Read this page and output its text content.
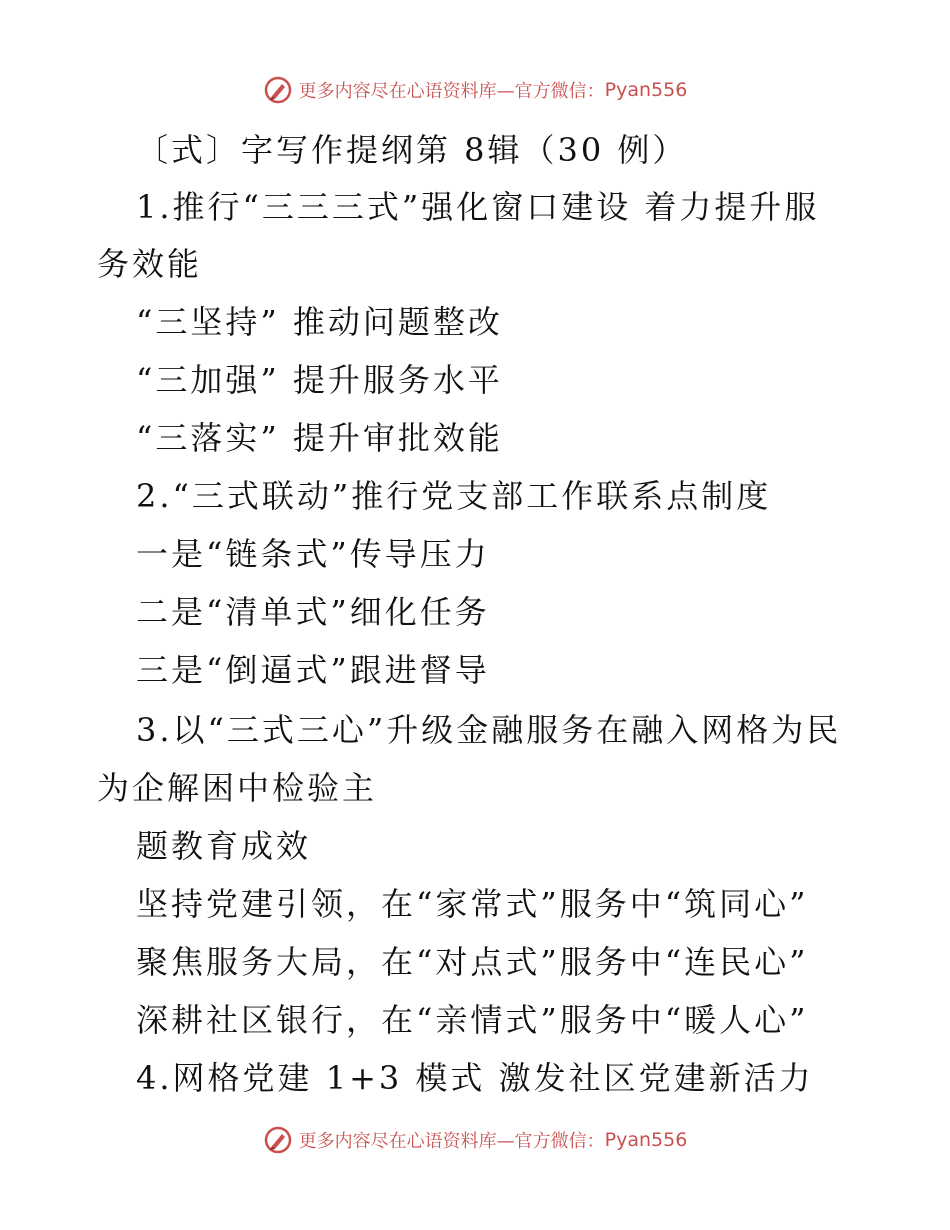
更多内容尽在心语资料库—官方微信： Pyan556
〔式〕字写作提纲第 8辑（30 例）
1.推行“三三三式”强化窗口建设 着力提升服
务效能
“三坚持” 推动问题整改
“三加强” 提升服务水平
“三落实” 提升审批效能
2.“三式联动”推行党支部工作联系点制度
一是“链条式”传导压力
二是“清单式”细化任务
三是“倒逼式”跟进督导
3.以“三式三心”升级金融服务在融入网格为民
为企解困中检验主
题教育成效
坚持党建引领，在“家常式”服务中“筑同心”
聚焦服务大局，在“对点式”服务中“连民心”
深耕社区银行，在“亲情式”服务中“暖人心”
4.网格党建 1+3 模式 激发社区党建新活力
更多内容尽在心语资料库—官方微信： Pyan556
